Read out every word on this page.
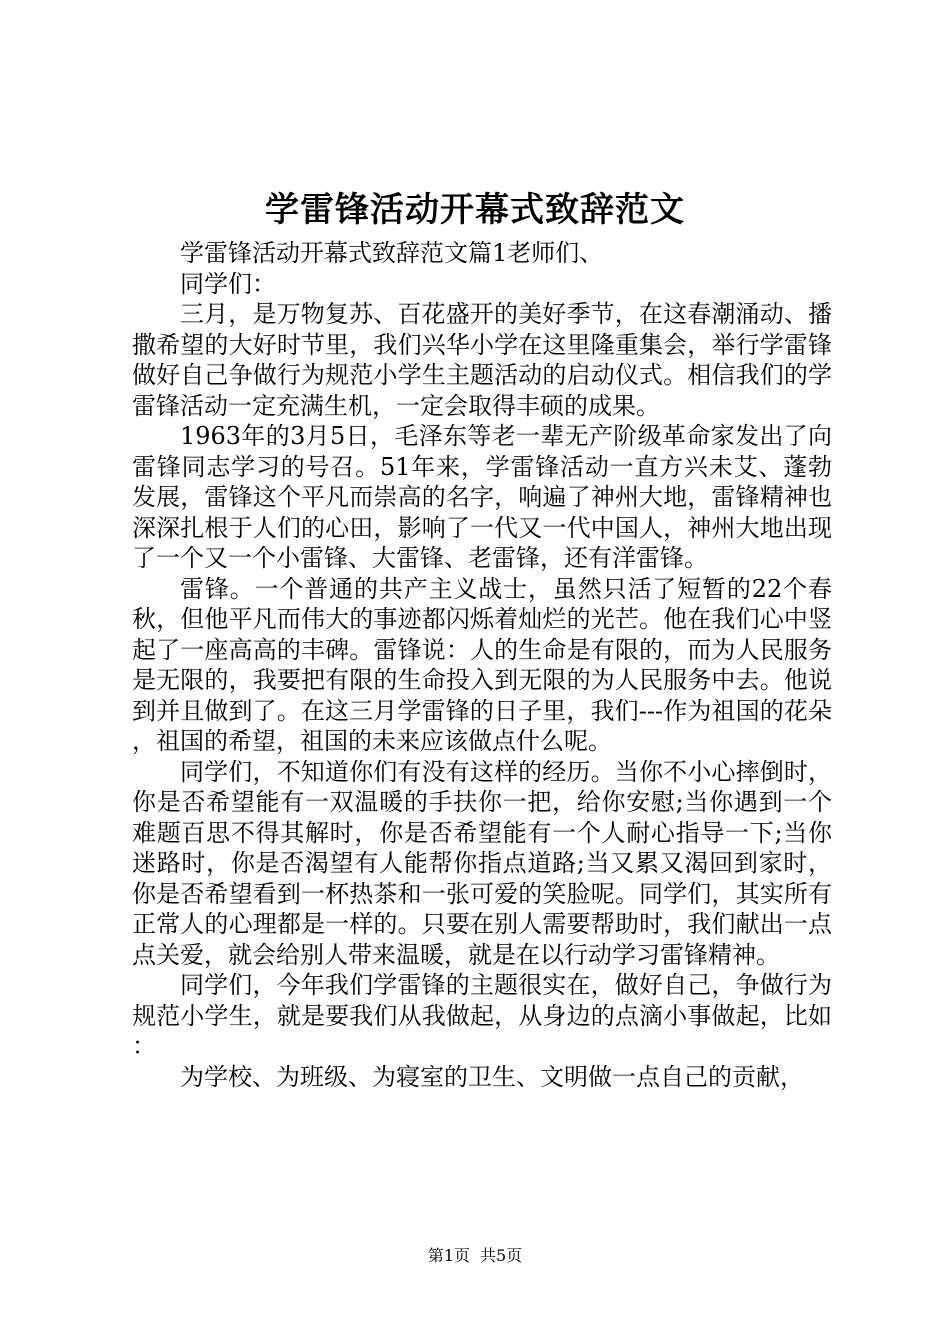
学雷锋活动开幕式致辞范文

学雷锋活动开幕式致辞范文篇1老师们、

同学们：

三月，是万物复苏、百花盛开的美好季节，在这春潮涌动、播撒希望的大好时节里，我们兴华小学在这里隆重集会，举行学雷锋做好自己争做行为规范小学生主题活动的启动仪式。相信我们的学雷锋活动一定充满生机，一定会取得丰硕的成果。

1963年的3月5日，毛泽东等老一辈无产阶级革命家发出了向雷锋同志学习的号召。51年来，学雷锋活动一直方兴未艾、蓬勃发展，雷锋这个平凡而崇高的名字，响遍了神州大地，雷锋精神也深深扎根于人们的心田，影响了一代又一代中国人，神州大地出现了一个又一个小雷锋、大雷锋、老雷锋，还有洋雷锋。

雷锋。一个普通的共产主义战士，虽然只活了短暂的22个春秋，但他平凡而伟大的事迹都闪烁着灿烂的光芒。他在我们心中竖起了一座高高的丰碑。雷锋说：人的生命是有限的，而为人民服务是无限的，我要把有限的生命投入到无限的为人民服务中去。他说到并且做到了。在这三月学雷锋的日子里，我们---作为祖国的花朵，祖国的希望，祖国的未来应该做点什么呢。

同学们，不知道你们有没有这样的经历。当你不小心摔倒时，你是否希望能有一双温暖的手扶你一把，给你安慰;当你遇到一个难题百思不得其解时，你是否希望能有一个人耐心指导一下;当你迷路时，你是否渴望有人能帮你指点道路;当又累又渴回到家时，你是否希望看到一杯热茶和一张可爱的笑脸呢。同学们，其实所有正常人的心理都是一样的。只要在别人需要帮助时，我们献出一点点关爱，就会给别人带来温暖，就是在以行动学习雷锋精神。

同学们，今年我们学雷锋的主题很实在，做好自己，争做行为规范小学生，就是要我们从我做起，从身边的点滴小事做起，比如：

为学校、为班级、为寝室的卫生、文明做一点自己的贡献，

第1页 共5页
